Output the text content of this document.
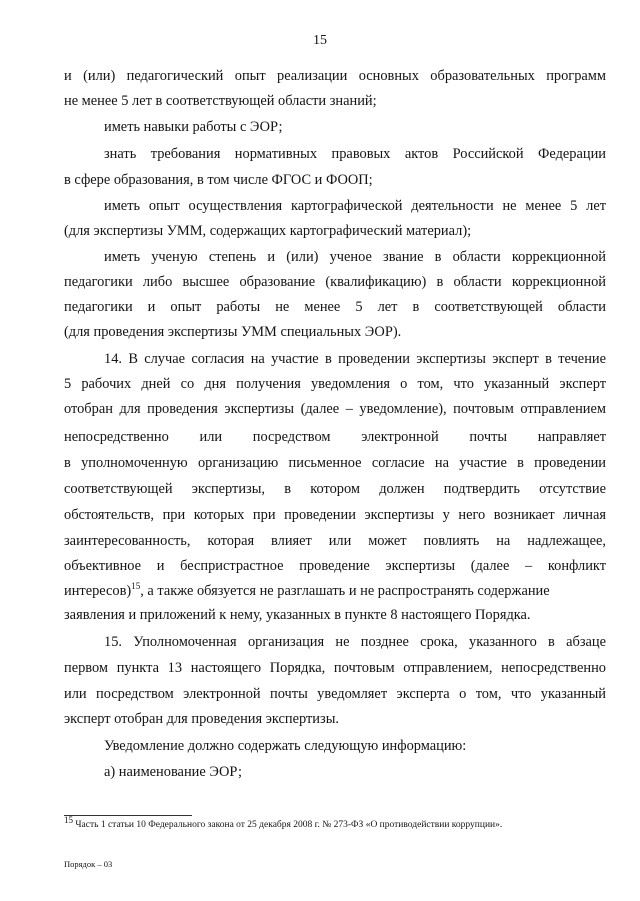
15
и (или) педагогический опыт реализации основных образовательных программ
не менее 5 лет в соответствующей области знаний;
иметь навыки работы с ЭОР;
знать требования нормативных правовых актов Российской Федерации
в сфере образования, в том числе ФГОС и ФООП;
иметь опыт осуществления картографической деятельности не менее 5 лет
(для экспертизы УММ, содержащих картографический материал);
иметь ученую степень и (или) ученое звание в области коррекционной
педагогики либо высшее образование (квалификацию) в области коррекционной
педагогики и опыт работы не менее 5 лет в соответствующей области
(для проведения экспертизы УММ специальных ЭОР).
14. В случае согласия на участие в проведении экспертизы эксперт в течение
5 рабочих дней со дня получения уведомления о том, что указанный эксперт
отобран для проведения экспертизы (далее – уведомление), почтовым отправлением
непосредственно или посредством электронной почты направляет
в уполномоченную организацию письменное согласие на участие в проведении
соответствующей экспертизы, в котором должен подтвердить отсутствие
обстоятельств, при которых при проведении экспертизы у него возникает личная
заинтересованность, которая влияет или может повлиять на надлежащее,
объективное и беспристрастное проведение экспертизы (далее – конфликт
интересов)$^{15}$, а также обязуется не разглашать и не распространять содержание
заявления и приложений к нему, указанных в пункте 8 настоящего Порядка.
15. Уполномоченная организация не позднее срока, указанного в абзаце
первом пункта 13 настоящего Порядка, почтовым отправлением, непосредственно
или посредством электронной почты уведомляет эксперта о том, что указанный
эксперт отобран для проведения экспертизы.
Уведомление должно содержать следующую информацию:
а) наименование ЭОР;
$^{15}$ Часть 1 статьи 10 Федерального закона от 25 декабря 2008 г. № 273-ФЗ «О противодействии коррупции».
Порядок – 03
